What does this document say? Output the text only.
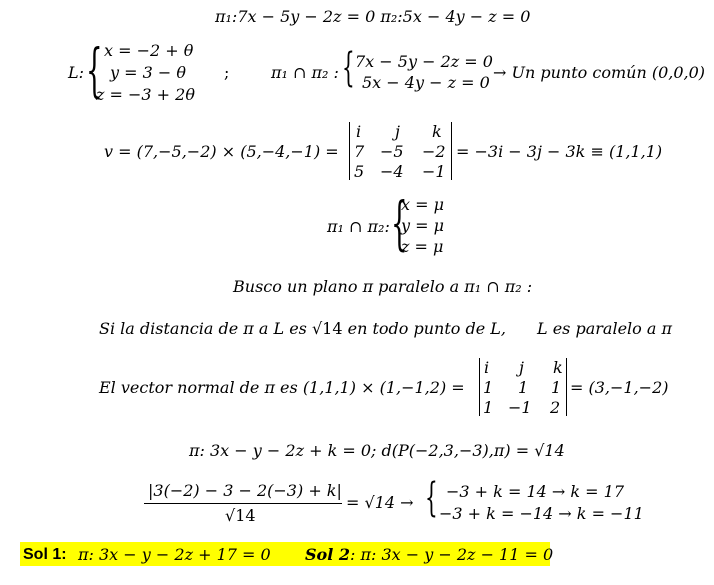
π₁:7x − 5y − 2z = 0 π₂:5x − 4y − z = 0
L: { x = −2 + θ
y = 3 − θ
z = −3 + 2θ
;	π₁ ∩ π₂ : { 7x − 5y − 2z = 0
5x − 4y − z = 0
→ Un punto común (0,0,0)
v = (7,−5,−2) × (5,−4,−1) =
i j k
7 −5 −2
5 −4 −1
= −3i − 3j − 3k ≡ (1,1,1)
π₁ ∩ π₂: {
x = μ
y = μ
z = μ
Busco un plano π paralelo a π₁ ∩ π₂ :
Si la distancia de π a L es √14 en todo punto de L, L es paralelo a π
El vector normal de π es (1,1,1) × (1,−1,2) =
i j k
1 1 1
1 −1 2
= (3,−1,−2)
π: 3x − y − 2z + k = 0; d(P(−2,3,−3),π) = √14
|3(−2) − 3 − 2(−3) + k|
√14
= √14 → { −3 + k = 14 → k = 17
−3 + k = −14 → k = −11
Sol 1: π: 3x − y − 2z + 17 = 0 Sol 2 : π: 3x − y − 2z − 11 = 0
